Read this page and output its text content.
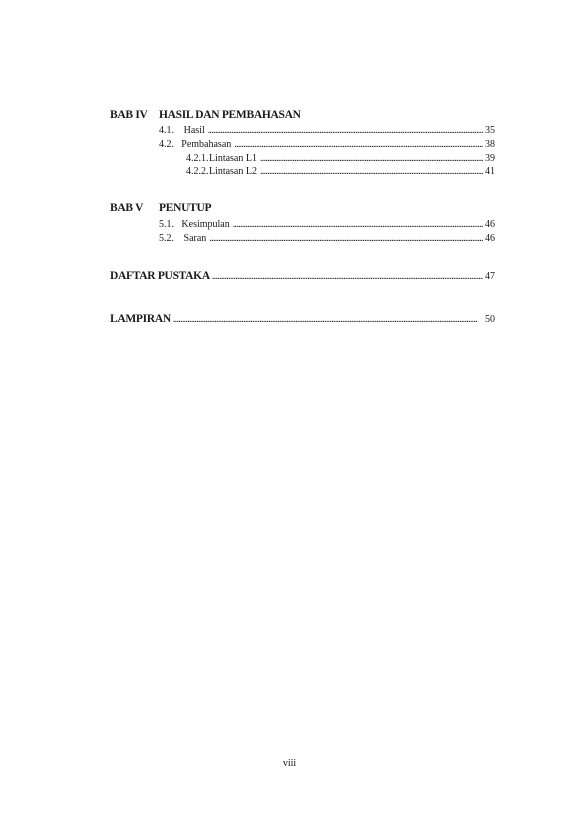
BAB IV HASIL DAN PEMBAHASAN
4.1. Hasil . . .	35
4.2. Pembahasan . . .	38
4.2.1. Lintasan L1 . . .	39
4.2.2. Lintasan L2 . . .	41
BAB V PENUTUP
5.1. Kesimpulan . . .	46
5.2. Saran . . .	46
DAFTAR PUSTAKA . . .	47
LAMPIRAN . . .	50
viii
